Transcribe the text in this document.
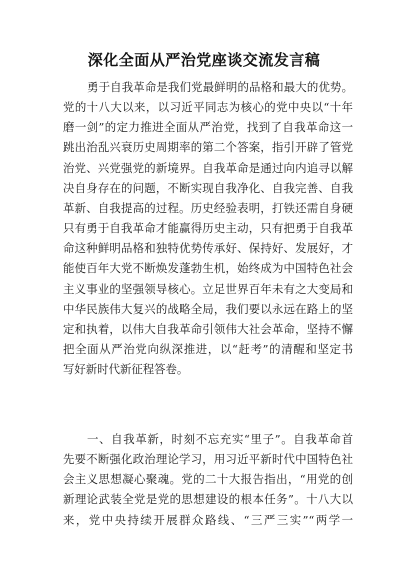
深化全面从严治党座谈交流发言稿
勇于自我革命是我们党最鲜明的品格和最大的优势。
党的十八大以来，以习近平同志为核心的党中央以“十年
磨一剑”的定力推进全面从严治党，找到了自我革命这一
跳出治乱兴衰历史周期率的第二个答案，指引开辟了管党
治党、兴党强党的新境界。自我革命是通过向内追寻以解
决自身存在的问题，不断实现自我净化、自我完善、自我
革新、自我提高的过程。历史经验表明，打铁还需自身硬
只有勇于自我革命才能赢得历史主动，只有把勇于自我革
命这种鲜明品格和独特优势传承好、保持好、发展好，才
能使百年大党不断焕发蓬勃生机，始终成为中国特色社会
主义事业的坚强领导核心。立足世界百年未有之大变局和
中华民族伟大复兴的战略全局，我们要以永远在路上的坚
定和执着，以伟大自我革命引领伟大社会革命，坚持不懈
把全面从严治党向纵深推进，以“赶考”的清醒和坚定书
写好新时代新征程答卷。
一、自我革新，时刻不忘充实“里子”。自我革命首
先要不断强化政治理论学习，用习近平新时代中国特色社
会主义思想凝心聚魂。党的二十大报告指出，“用党的创
新理论武装全党是党的思想建设的根本任务”。十八大以
来，党中央持续开展群众路线、“三严三实”“两学一
